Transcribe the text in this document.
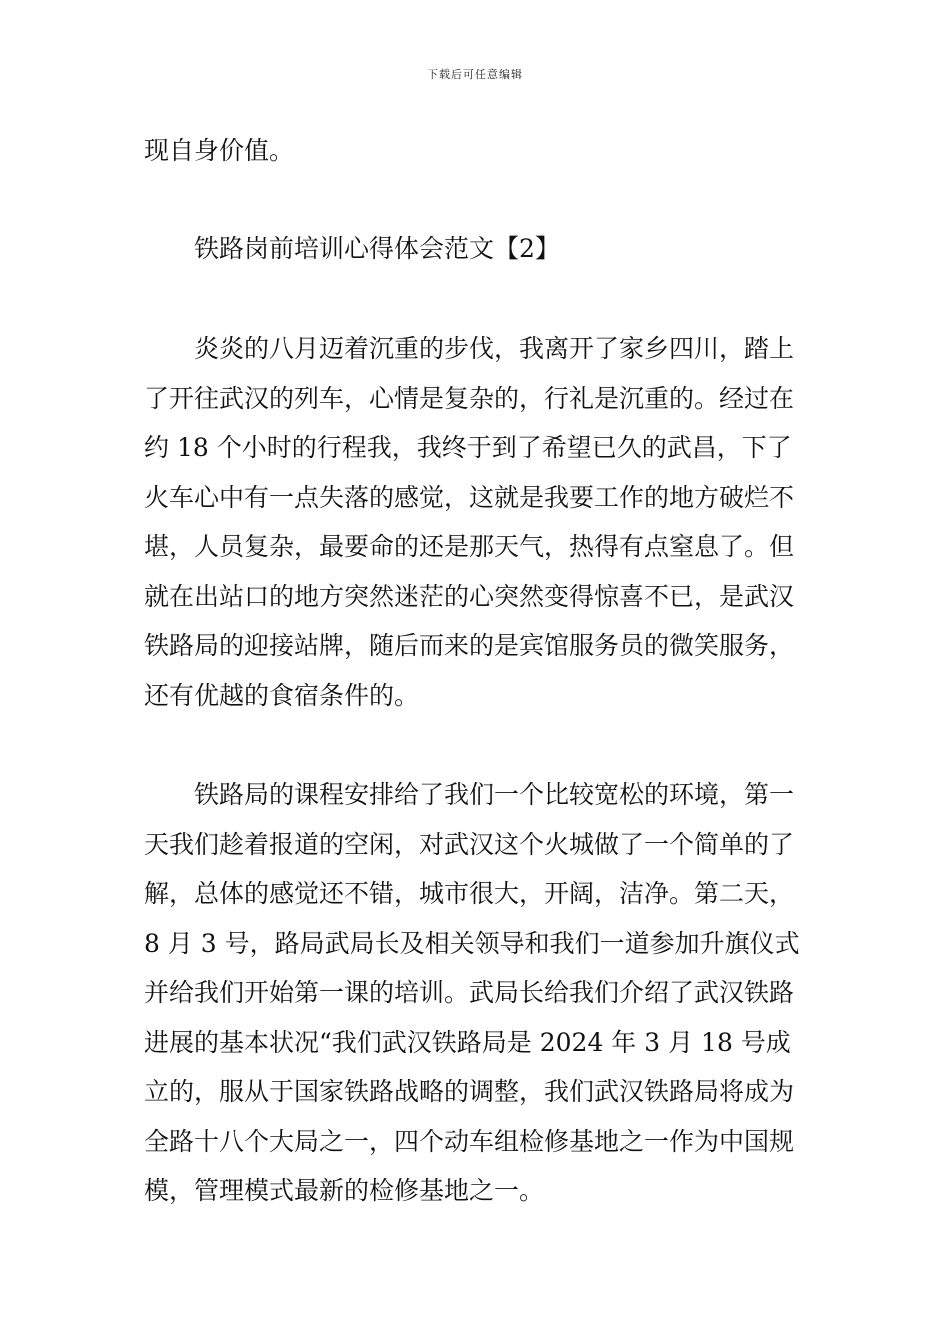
下载后可任意编辑

现自身价值。

铁路岗前培训心得体会范文【2】

炎炎的八月迈着沉重的步伐，我离开了家乡四川，踏上了开往武汉的列车，心情是复杂的，行礼是沉重的。经过在约 18 个小时的行程我，我终于到了希望已久的武昌，下了火车心中有一点失落的感觉，这就是我要工作的地方破烂不堪，人员复杂，最要命的还是那天气，热得有点窒息了。但就在出站口的地方突然迷茫的心突然变得惊喜不已，是武汉铁路局的迎接站牌，随后而来的是宾馆服务员的微笑服务，还有优越的食宿条件的。

铁路局的课程安排给了我们一个比较宽松的环境，第一天我们趁着报道的空闲，对武汉这个火城做了一个简单的了解，总体的感觉还不错，城市很大，开阔，洁净。第二天，8 月 3 号，路局武局长及相关领导和我们一道参加升旗仪式并给我们开始第一课的培训。武局长给我们介绍了武汉铁路进展的基本状况“我们武汉铁路局是 2024 年 3 月 18 号成立的，服从于国家铁路战略的调整，我们武汉铁路局将成为全路十八个大局之一，四个动车组检修基地之一作为中国规模，管理模式最新的检修基地之一。
